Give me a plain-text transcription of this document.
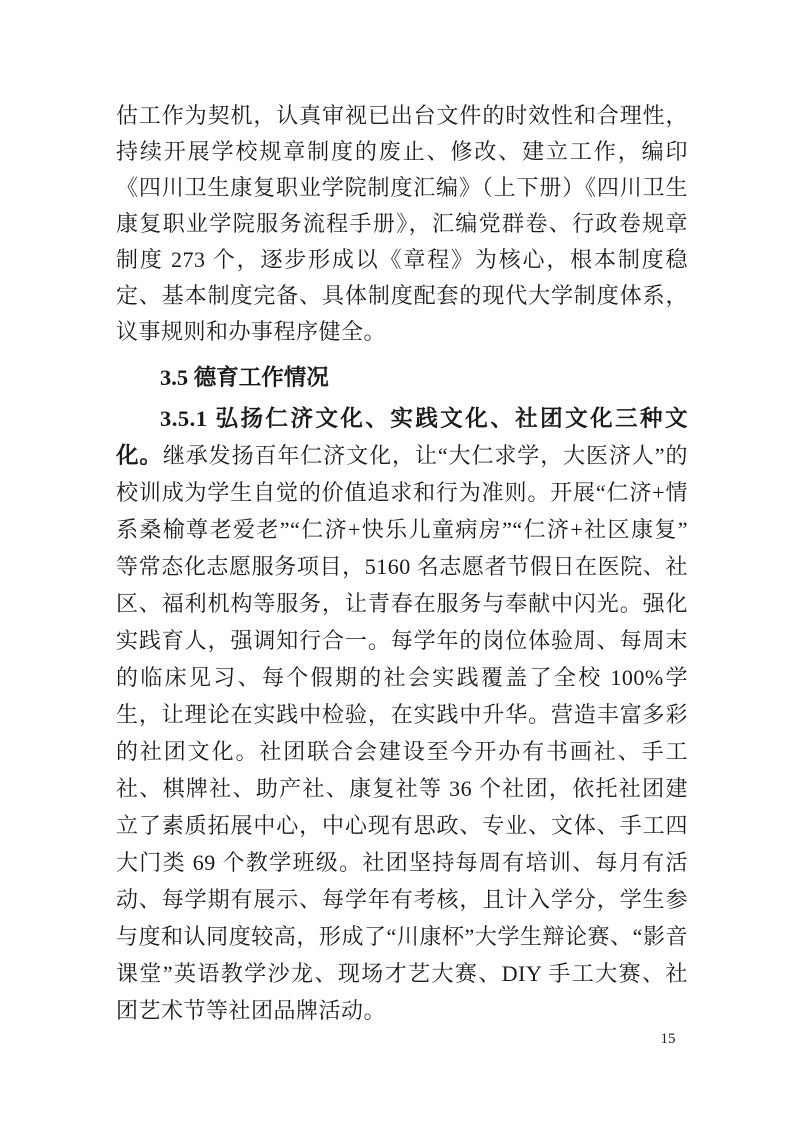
估工作为契机，认真审视已出台文件的时效性和合理性，持续开展学校规章制度的废止、修改、建立工作，编印《四川卫生康复职业学院制度汇编》（上下册）《四川卫生康复职业学院服务流程手册》，汇编党群卷、行政卷规章制度 273 个，逐步形成以《章程》为核心，根本制度稳定、基本制度完备、具体制度配套的现代大学制度体系，议事规则和办事程序健全。

3.5 德育工作情况

3.5.1 弘扬仁济文化、实践文化、社团文化三种文化。继承发扬百年仁济文化，让“大仁求学，大医济人”的校训成为学生自觉的价值追求和行为准则。开展“仁济+情系桑榆尊老爱老”“仁济+快乐儿童病房”“仁济+社区康复”等常态化志愿服务项目，5160 名志愿者节假日在医院、社区、福利机构等服务，让青春在服务与奉献中闪光。强化实践育人，强调知行合一。每学年的岗位体验周、每周末的临床见习、每个假期的社会实践覆盖了全校 100%学生，让理论在实践中检验，在实践中升华。营造丰富多彩的社团文化。社团联合会建设至今开办有书画社、手工社、棋牌社、助产社、康复社等 36 个社团，依托社团建立了素质拓展中心，中心现有思政、专业、文体、手工四大门类 69 个教学班级。社团坚持每周有培训、每月有活动、每学期有展示、每学年有考核，且计入学分，学生参与度和认同度较高，形成了“川康杯”大学生辩论赛、“影音课堂”英语教学沙龙、现场才艺大赛、DIY 手工大赛、社团艺术节等社团品牌活动。

15
